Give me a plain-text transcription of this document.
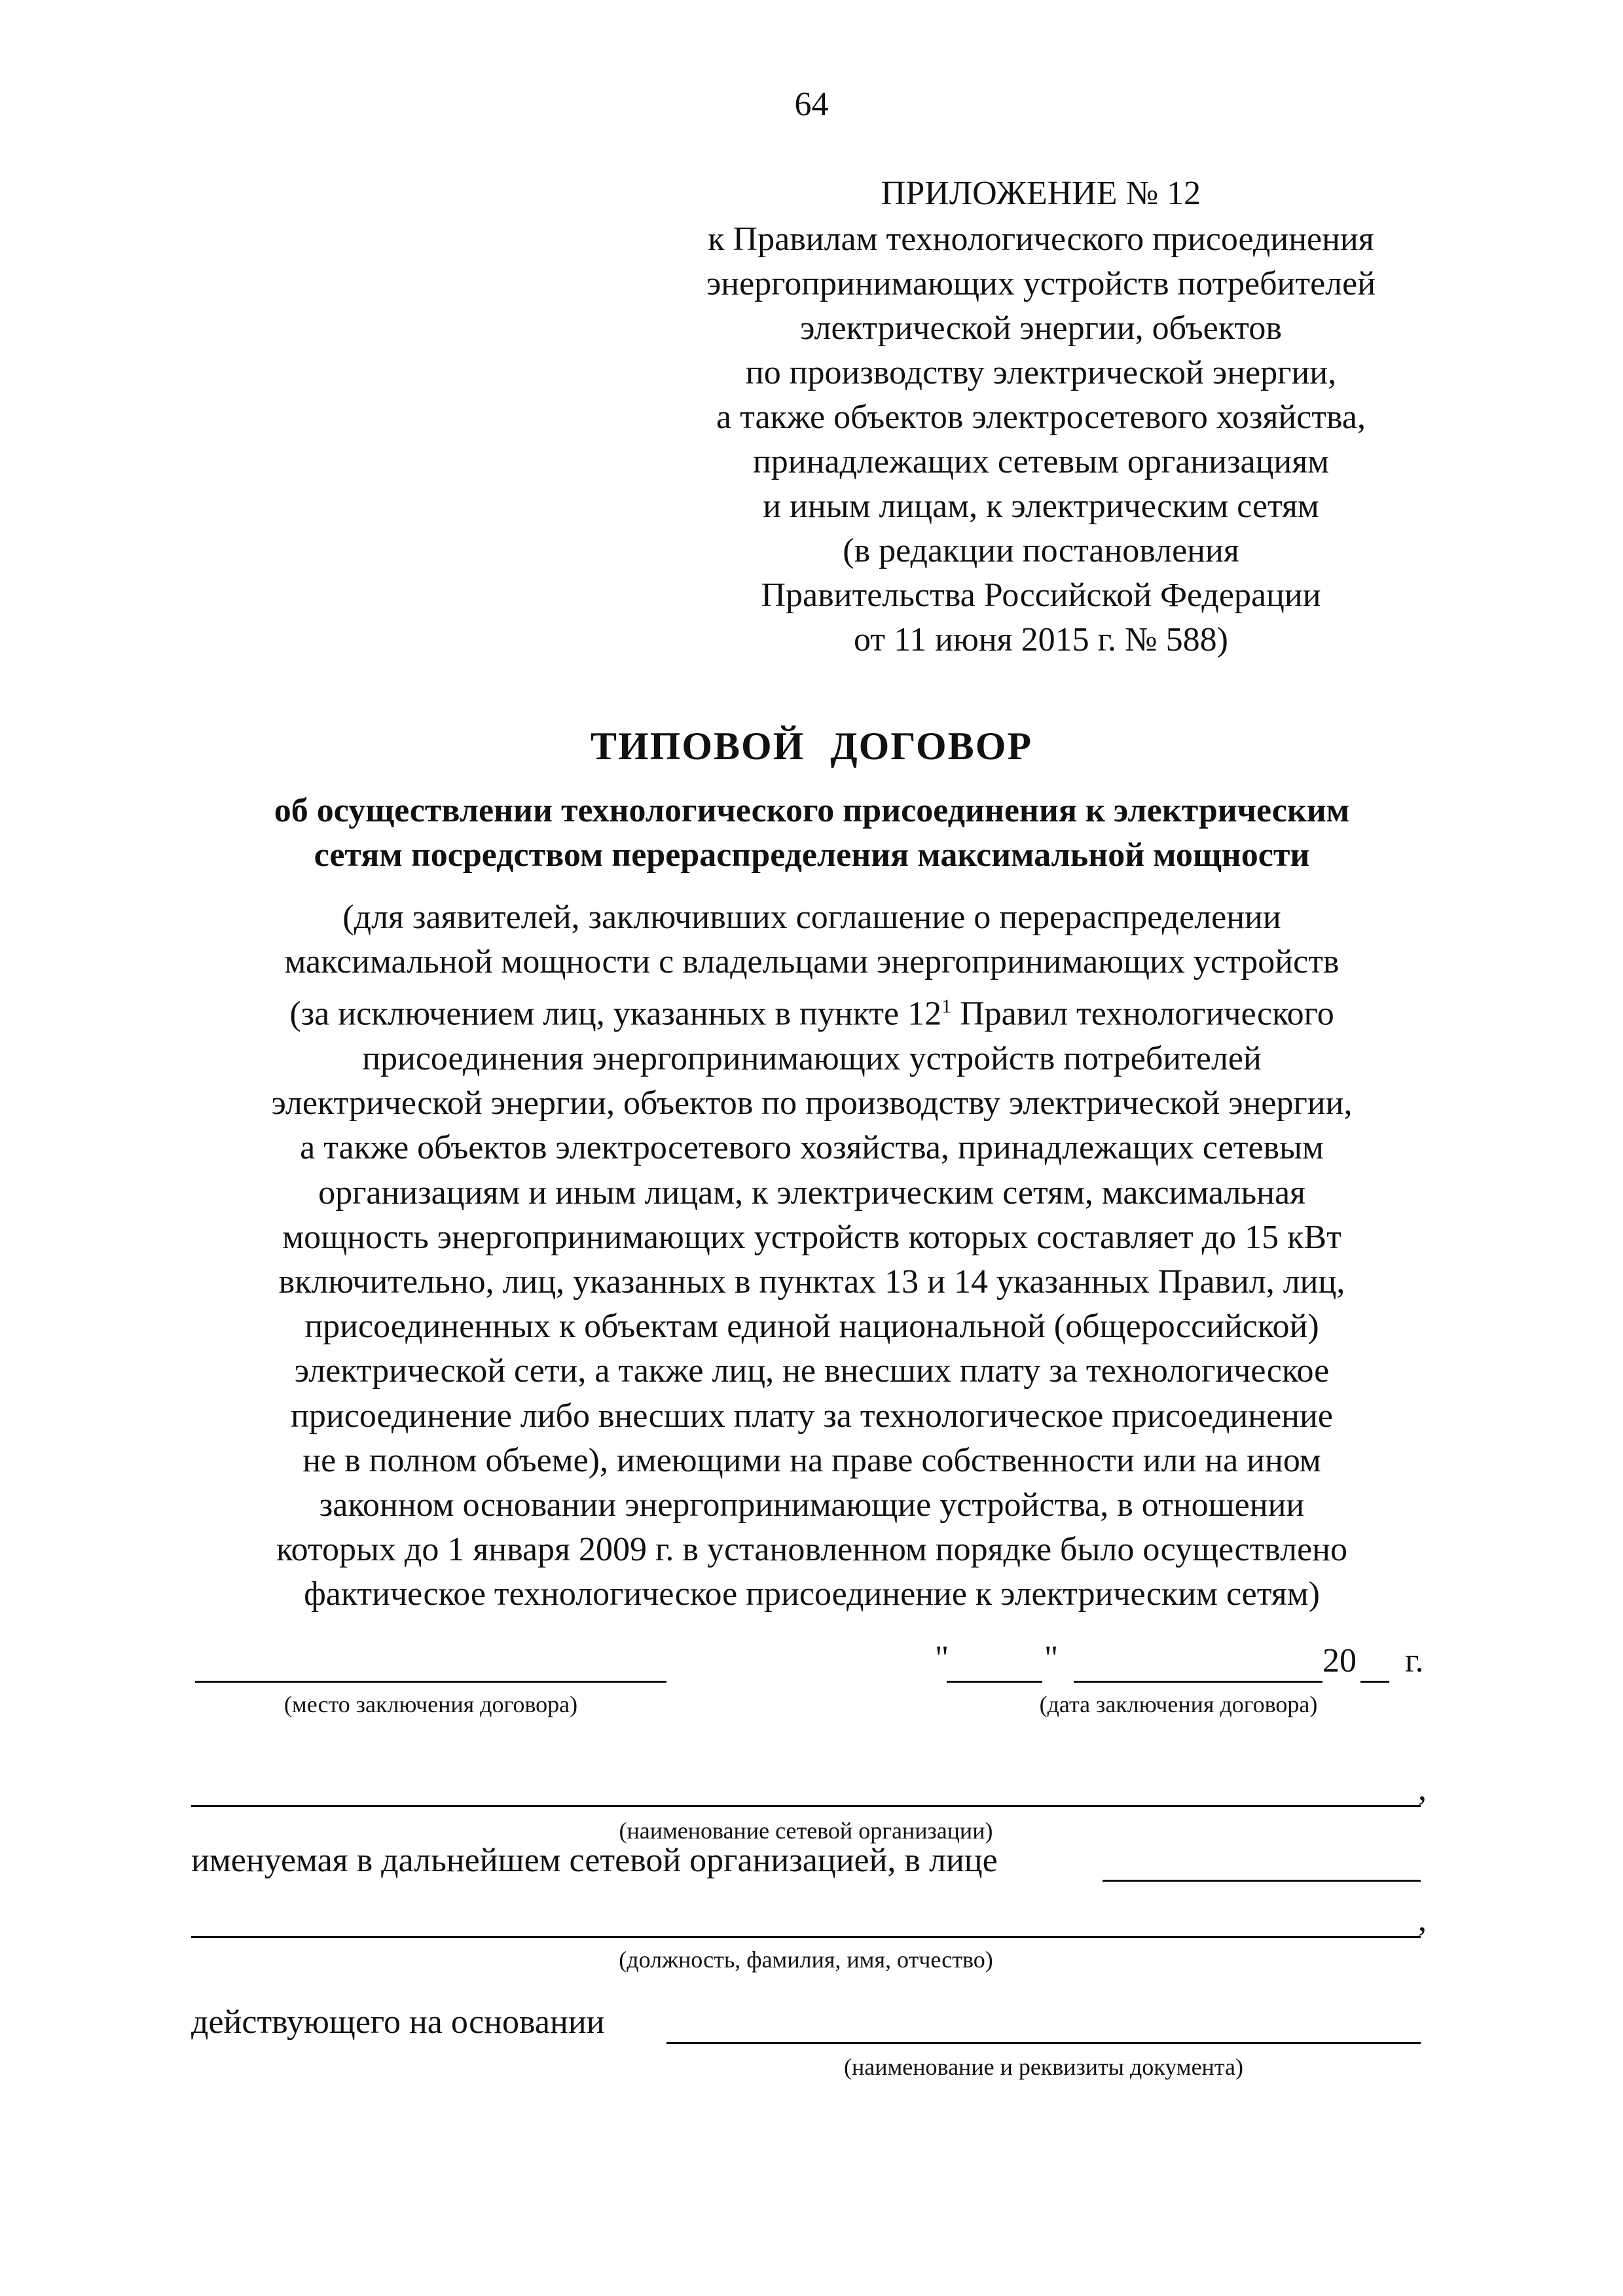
64
ПРИЛОЖЕНИЕ № 12
к Правилам технологического присоединения
энергопринимающих устройств потребителей
электрической энергии, объектов
по производству электрической энергии,
а также объектов электросетевого хозяйства,
принадлежащих сетевым организациям
и иным лицам, к электрическим сетям
(в редакции постановления
Правительства Российской Федерации
от 11 июня 2015 г. № 588)
ТИПОВОЙ ДОГОВОР
об осуществлении технологического присоединения к электрическим
сетям посредством перераспределения максимальной мощности
(для заявителей, заключивших соглашение о перераспределении
максимальной мощности с владельцами энергопринимающих устройств
(за исключением лиц, указанных в пункте $12^1$ Правил технологического
присоединения энергопринимающих устройств потребителей
электрической энергии, объектов по производству электрической энергии,
а также объектов электросетевого хозяйства, принадлежащих сетевым
организациям и иным лицам, к электрическим сетям, максимальная
мощность энергопринимающих устройств которых составляет до 15 кВт
включительно, лиц, указанных в пунктах 13 и 14 указанных Правил, лиц,
присоединенных к объектам единой национальной (общероссийской)
электрической сети, а также лиц, не внесших плату за технологическое
присоединение либо внесших плату за технологическое присоединение
не в полном объеме), имеющими на праве собственности или на ином
законном основании энергопринимающие устройства, в отношении
которых до 1 января 2009 г. в установленном порядке было осуществлено
фактическое технологическое присоединение к электрическим сетям)
(место заключения договора)
"	"	20 г.
(дата заключения договора)
,
(наименование сетевой организации)
именуемая в дальнейшем сетевой организацией, в лице
,
(должность, фамилия, имя, отчество)
действующего на основании
(наименование и реквизиты документа)
